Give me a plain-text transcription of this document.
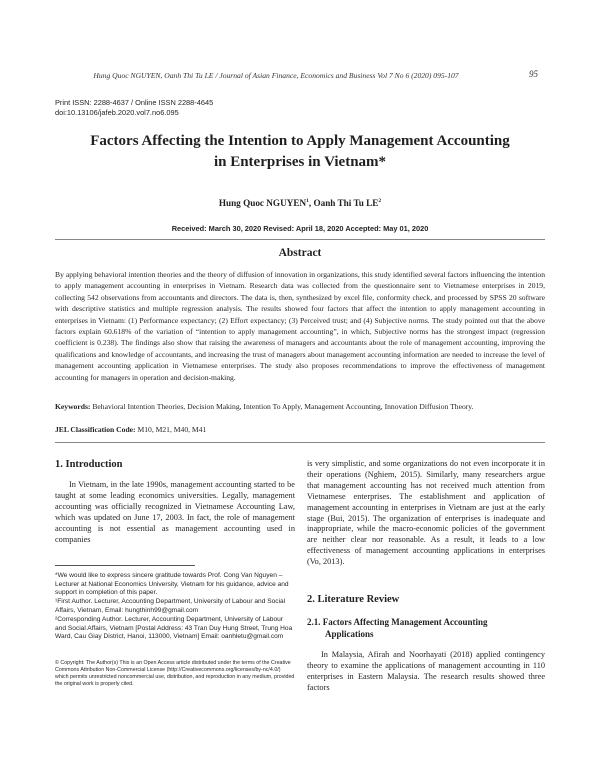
Hung Quoc NGUYEN, Oanh Thi Tu LE / Journal of Asian Finance, Economics and Business Vol 7 No 6 (2020) 095-107	95
Print ISSN: 2288-4637 / Online ISSN 2288-4645
doi:10.13106/jafeb.2020.vol7.no6.095
Factors Affecting the Intention to Apply Management Accounting
in Enterprises in Vietnam*
Hung Quoc NGUYEN$^1$, Oanh Thi Tu $LE^2$
Received: March 30, 2020 Revised: April 18, 2020 Accepted: May 01, 2020
Abstract
By applying behavioral intention theories and the theory of diffusion of innovation in organizations, this study identified several factors influencing the intention to apply management accounting in enterprises in Vietnam. Research data was collected from the questionnaire sent to Vietnamese enterprises in 2019, collecting 542 observations from accountants and directors. The data is, then, synthesized by excel file, conformity check, and processed by SPSS 20 software with descriptive statistics and multiple regression analysis. The results showed four factors that affect the intention to apply management accounting in enterprises in Vietnam: (1) Performance expectancy; (2) Effort expectancy; (3) Perceived trust; and (4) Subjective norms. The study pointed out that the above factors explain 60.618% of the variation of “intention to apply management accounting”, in which, Subjective norms has the strongest impact (regression coefficient is 0.238). The findings also show that raising the awareness of managers and accountants about the role of management accounting, improving the qualifications and knowledge of accountants, and increasing the trust of managers about management accounting information are needed to increase the level of management accounting application in Vietnamese enterprises. The study also proposes recommendations to improve the effectiveness of management accounting for managers in operation and decision-making.
Keywords: Behavioral Intention Theories, Decision Making, Intention To Apply, Management Accounting, Innovation Diffusion Theory.
JEL Classification Code: M10, M21, M40, M41
1. Introduction
In Vietnam, in the late 1990s, management accounting started to be taught at some leading economics universities. Legally, management accounting was officially recognized in Vietnamese Accounting Law, which was updated on June 17, 2003. In fact, the role of management accounting is not essential as management accounting used in companies
*We would like to express sincere gratitude towards Prof. Cong Van Nguyen – Lecturer at National Economics University, Vietnam for his guidance, advice and support in completion of this paper.
¹First Author. Lecturer, Accounting Department, University of Labour and Social Affairs, Vietnam, Email: hungthinh99@gmail.com
²Corresponding Author. Lecturer, Accounting Department, University of Labour and Social Affairs, Vietnam [Postal Address: 43 Tran Duy Hung Street, Trung Hoa Ward, Cau Giay District, Hanoi, 113000, Vietnam] Email: oanhletu@gmail.com
© Copyright: The Author(s) This is an Open Access article distributed under the terms of the Creative Commons Attribution Non-Commercial License (http://Creativecommons.org/licenses/by-nc/4.0/) which permits unrestricted noncommercial use, distribution, and reproduction in any medium, provided the original work is properly cited.
is very simplistic, and some organizations do not even incorporate it in their operations (Nghiem, 2015). Similarly, many researchers argue that management accounting has not received much attention from Vietnamese enterprises. The establishment and application of management accounting in enterprises in Vietnam are just at the early stage (Bui, 2015). The organization of enterprises is inadequate and inappropriate, while the macro-economic policies of the government are neither clear nor reasonable. As a result, it leads to a low effectiveness of management accounting applications in enterprises (Vo, 2013).
2. Literature Review
2.1. Factors Affecting Management Accounting
Applications
In Malaysia, Afirah and Noorhayati (2018) applied contingency theory to examine the applications of management accounting in 110 enterprises in Eastern Malaysia. The research results showed three factors
